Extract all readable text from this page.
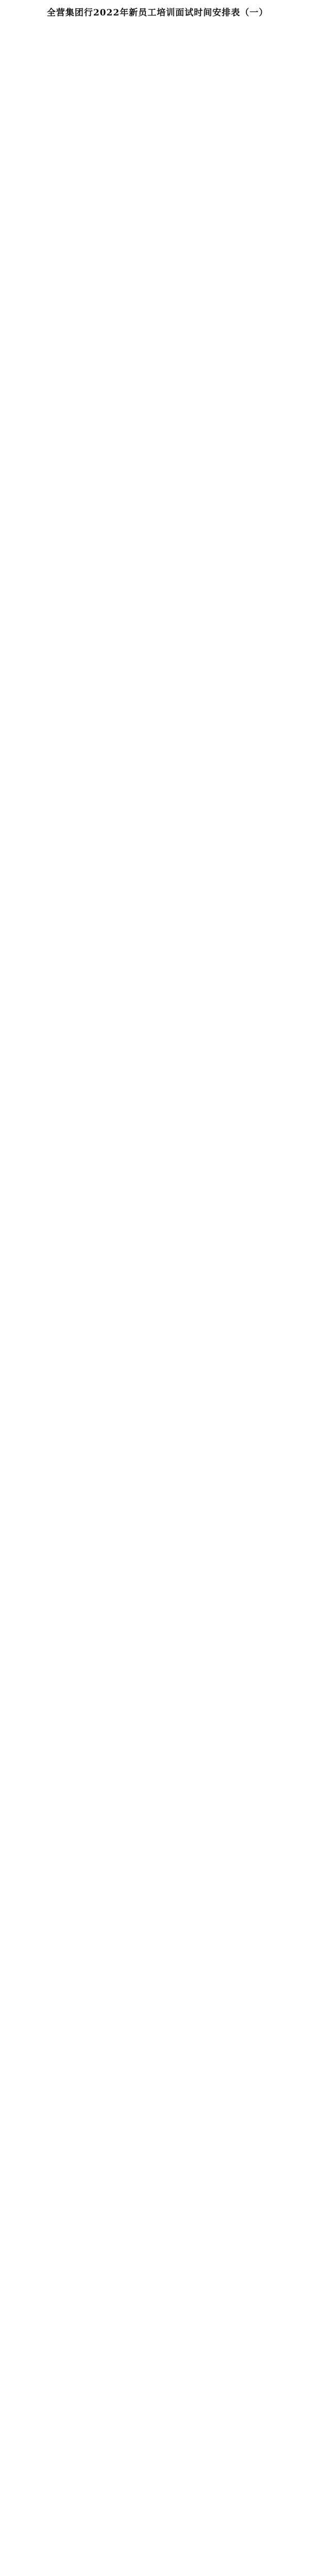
全营集团行2022年新员工培训面试时间安排表（一）
